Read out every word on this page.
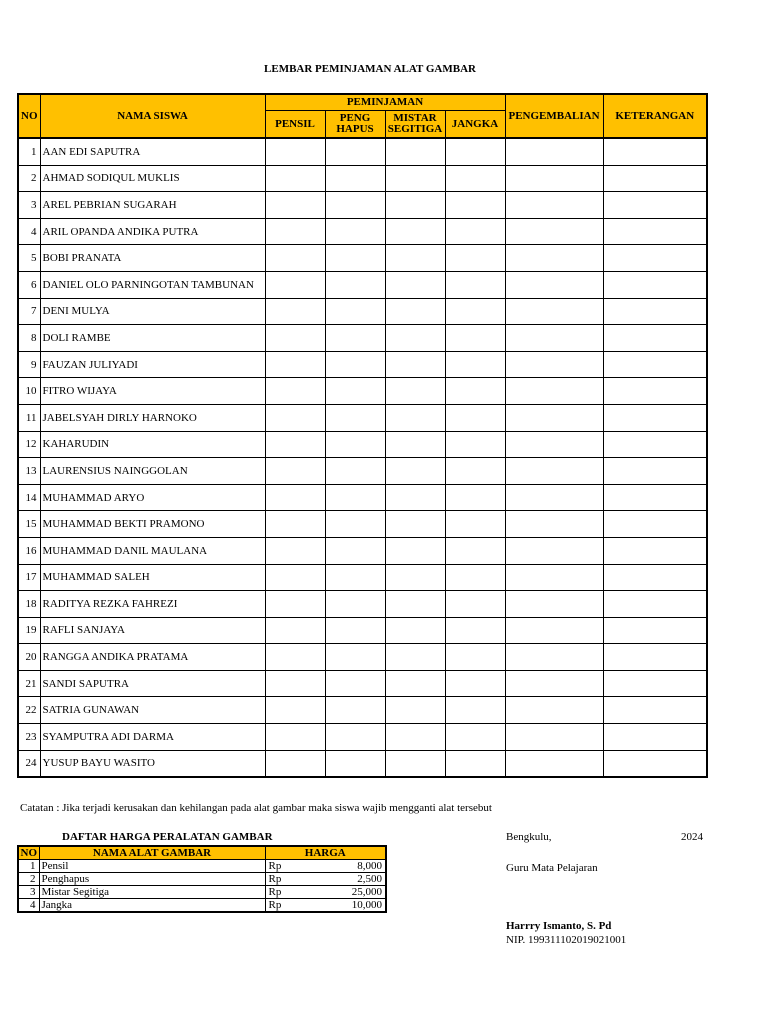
LEMBAR PEMINJAMAN ALAT GAMBAR
NO	NAMA SISWA	PEMINJAMAN				PENGEMBALIAN	KETERANGAN
		PENSIL	PENG HAPUS	MISTAR SEGITIGA	JANGKA		
1	AAN EDI SAPUTRA						
2	AHMAD SODIQUL MUKLIS						
3	AREL PEBRIAN SUGARAH						
4	ARIL OPANDA ANDIKA PUTRA						
5	BOBI PRANATA						
6	DANIEL OLO PARNINGOTAN TAMBUNAN						
7	DENI MULYA						
8	DOLI RAMBE						
9	FAUZAN JULIYADI						
10	FITRO WIJAYA						
11	JABELSYAH DIRLY HARNOKO						
12	KAHARUDIN						
13	LAURENSIUS NAINGGOLAN						
14	MUHAMMAD ARYO						
15	MUHAMMAD BEKTI PRAMONO						
16	MUHAMMAD DANIL MAULANA						
17	MUHAMMAD SALEH						
18	RADITYA REZKA FAHREZI						
19	RAFLI SANJAYA						
20	RANGGA ANDIKA PRATAMA						
21	SANDI SAPUTRA						
22	SATRIA GUNAWAN						
23	SYAMPUTRA ADI DARMA						
24	YUSUP BAYU WASITO						
Catatan : Jika terjadi kerusakan dan kehilangan pada alat gambar maka siswa wajib mengganti alat tersebut
DAFTAR HARGA PERALATAN GAMBAR
NO	NAMA ALAT GAMBAR	HARGA	
1	Pensil	Rp	8,000
2	Penghapus	Rp	2,500
3	Mistar Segitiga	Rp	25,000
4	Jangka	Rp	10,000
Bengkulu,	2024
Guru Mata Pelajaran
Harrry Ismanto, S. Pd
NIP. 199311102019021001
